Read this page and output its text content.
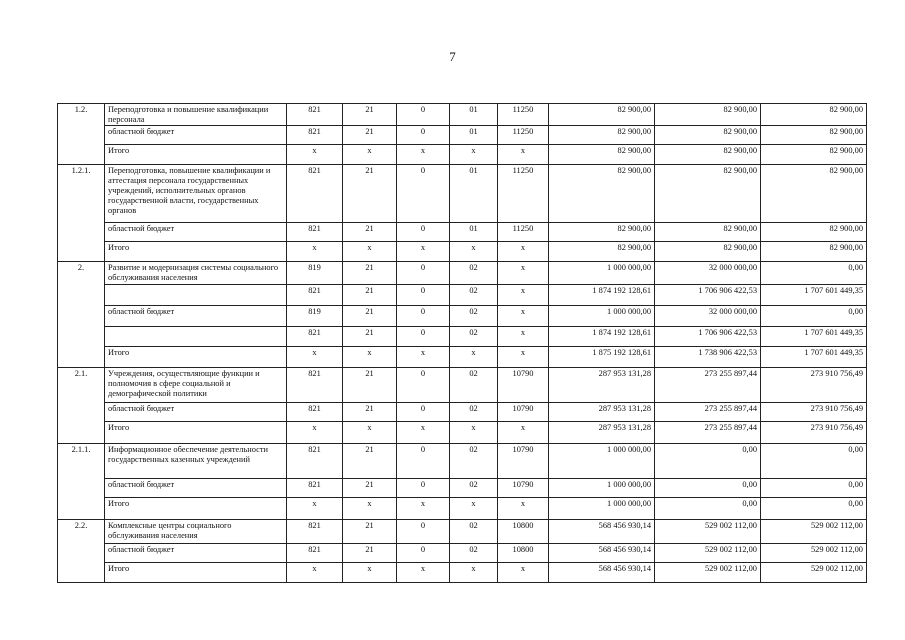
7
1.2.	Переподготовка и повышение квалификации персонала	821	21	0	01	11250	82 900,00	82 900,00	82 900,00
	областной бюджет	821	21	0	01	11250	82 900,00	82 900,00	82 900,00
	Итого	x	x	x	x	x	82 900,00	82 900,00	82 900,00
1.2.1.	Переподготовка, повышение квалификации и аттестация персонала государственных учреждений, исполнительных органов государственной власти, государственных органов	821	21	0	01	11250	82 900,00	82 900,00	82 900,00
	областной бюджет	821	21	0	01	11250	82 900,00	82 900,00	82 900,00
	Итого	x	x	x	x	x	82 900,00	82 900,00	82 900,00
2.	Развитие и модернизация системы социального обслуживания населения	819	21	0	02	x	1 000 000,00	32 000 000,00	0,00
		821	21	0	02	x	1 874 192 128,61	1 706 906 422,53	1 707 601 449,35
	областной бюджет	819	21	0	02	x	1 000 000,00	32 000 000,00	0,00
		821	21	0	02	x	1 874 192 128,61	1 706 906 422,53	1 707 601 449,35
	Итого	x	x	x	x	x	1 875 192 128,61	1 738 906 422,53	1 707 601 449,35
2.1.	Учреждения, осуществляющие функции и полномочия в сфере социальной и демографической политики	821	21	0	02	10790	287 953 131,28	273 255 897,44	273 910 756,49
	областной бюджет	821	21	0	02	10790	287 953 131,28	273 255 897,44	273 910 756,49
	Итого	x	x	x	x	x	287 953 131,28	273 255 897,44	273 910 756,49
2.1.1.	Информационное обеспечение деятельности государственных казенных учреждений	821	21	0	02	10790	1 000 000,00	0,00	0,00
	областной бюджет	821	21	0	02	10790	1 000 000,00	0,00	0,00
	Итого	x	x	x	x	x	1 000 000,00	0,00	0,00
2.2.	Комплексные центры социального обслуживания населения	821	21	0	02	10800	568 456 930,14	529 002 112,00	529 002 112,00
	областной бюджет	821	21	0	02	10800	568 456 930,14	529 002 112,00	529 002 112,00
	Итого	x	x	x	x	x	568 456 930,14	529 002 112,00	529 002 112,00
